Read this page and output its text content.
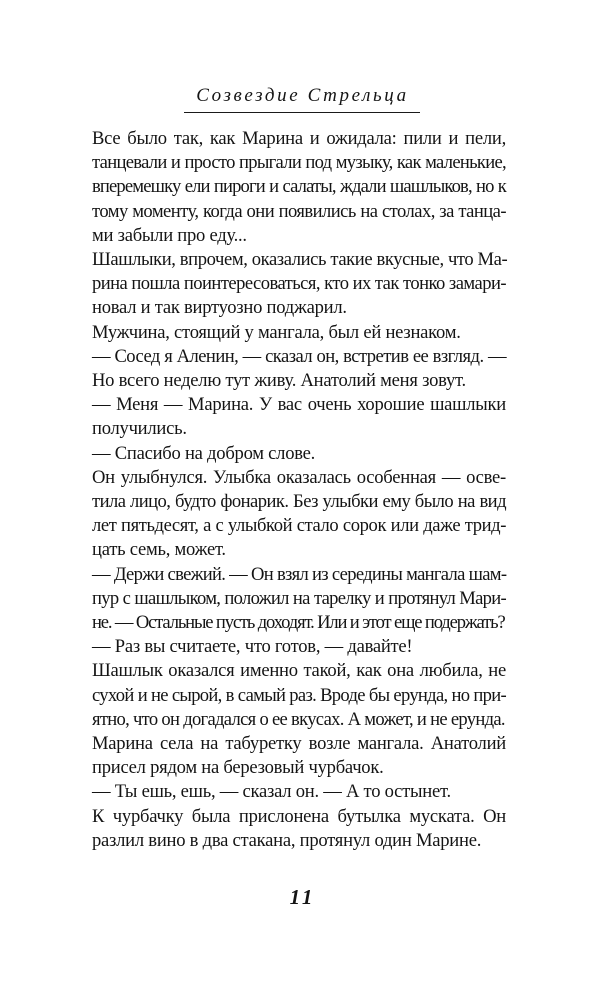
Созвездие Стрельца
Все было так, как Марина и ожидала: пили и пели,
танцевали и просто прыгали под музыку, как маленькие,
вперемешку ели пироги и салаты, ждали шашлыков, но к
тому моменту, когда они появились на столах, за танца-
ми забыли про еду...
Шашлыки, впрочем, оказались такие вкусные, что Ма-
рина пошла поинтересоваться, кто их так тонко замари-
новал и так виртуозно поджарил.
Мужчина, стоящий у мангала, был ей незнаком.
— Сосед я Аленин, — сказал он, встретив ее взгляд. —
Но всего неделю тут живу. Анатолий меня зовут.
— Меня — Марина. У вас очень хорошие шашлыки
получились.
— Спасибо на добром слове.
Он улыбнулся. Улыбка оказалась особенная — осве-
тила лицо, будто фонарик. Без улыбки ему было на вид
лет пятьдесят, а с улыбкой стало сорок или даже трид-
цать семь, может.
— Держи свежий. — Он взял из середины мангала шам-
пур с шашлыком, положил на тарелку и протянул Мари-
не. — Остальные пусть доходят. Или и этот еще подержать?
— Раз вы считаете, что готов, — давайте!
Шашлык оказался именно такой, как она любила, не
сухой и не сырой, в самый раз. Вроде бы ерунда, но при-
ятно, что он догадался о ее вкусах. А может, и не ерунда.
Марина села на табуретку возле мангала. Анатолий
присел рядом на березовый чурбачок.
— Ты ешь, ешь, — сказал он. — А то остынет.
К чурбачку была прислонена бутылка муската. Он
разлил вино в два стакана, протянул один Марине.
11
